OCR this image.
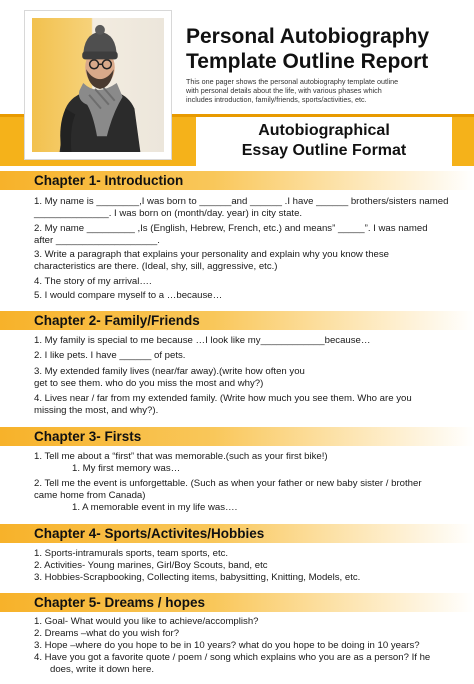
Personal Autobiography
Template Outline Report
This one pager shows the personal autobiography template outline
with personal details about the life, with various phases which
includes introduction, family/friends, sports/activities, etc.
Autobiographical
Essay Outline Format
Chapter 1- Introduction
1. My name is ________,I was born to ______and ______ .I have ______ brothers/sisters named
______________. I was born on (month/day. year) in city state.
2. My name _________ ,Is (English, Hebrew, French, etc.) and means” _____”. I was named
after ___________________.
3. Write a paragraph that explains your personality and explain why you know these
characteristics are there. (Ideal, shy, sill, aggressive, etc.)
4. The story of my arrival….
5. I would compare myself to a …because…
Chapter 2- Family/Friends
1. My family is special to me because …I look like my____________because…
2. I like pets. I have ______ of pets.
3. My extended family lives (near/far away).(write how often you
get to see them. who do you miss the most and why?)
4. Lives near / far from my extended family. (Write how much you see them. Who are you
missing the most, and why?).
Chapter 3- Firsts
1. Tell me about a “first” that was memorable.(such as your first bike!)
1. My first memory was…
2. Tell me the event is unforgettable. (Such as when your father or new baby sister / brother
came home from Canada)
1. A memorable event in my life was….
Chapter 4- Sports/Activites/Hobbies
1. Sports-intramurals sports, team sports, etc.
2. Activities- Young marines, Girl/Boy Scouts, band, etc
3. Hobbies-Scrapbooking, Collecting items, babysitting, Knitting, Models, etc.
Chapter 5- Dreams / hopes
1. Goal- What would you like to achieve/accomplish?
2. Dreams –what do you wish for?
3. Hope –where do you hope to be in 10 years? what do you hope to be doing in 10 years?
4. Have you got a favorite quote / poem / song which explains who you are as a person? If he
does, write it down here.
